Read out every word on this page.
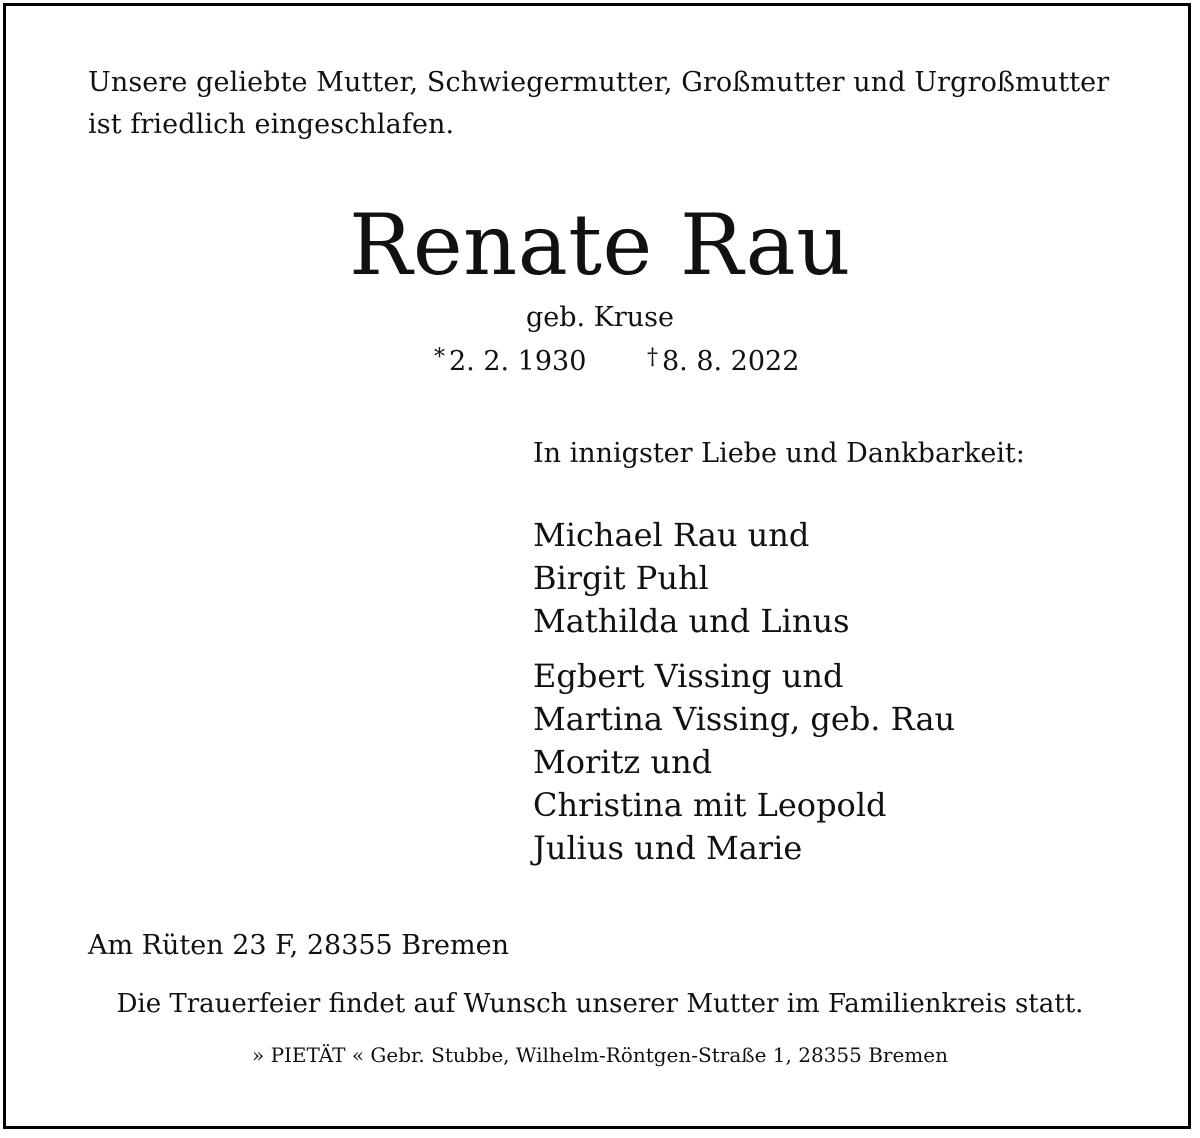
Unsere geliebte Mutter, Schwiegermutter, Großmutter und Urgroßmutter ist friedlich eingeschlafen.
Renate Rau
geb. Kruse
* 2. 2. 1930	† 8. 8. 2022
In innigster Liebe und Dankbarkeit:
Michael Rau und
Birgit Puhl
Mathilda und Linus
Egbert Vissing und
Martina Vissing, geb. Rau
Moritz und
Christina mit Leopold
Julius und Marie
Am Rüten 23 F, 28355 Bremen
Die Trauerfeier findet auf Wunsch unserer Mutter im Familienkreis statt.
» PIETÄT « Gebr. Stubbe, Wilhelm-Röntgen-Straße 1, 28355 Bremen
